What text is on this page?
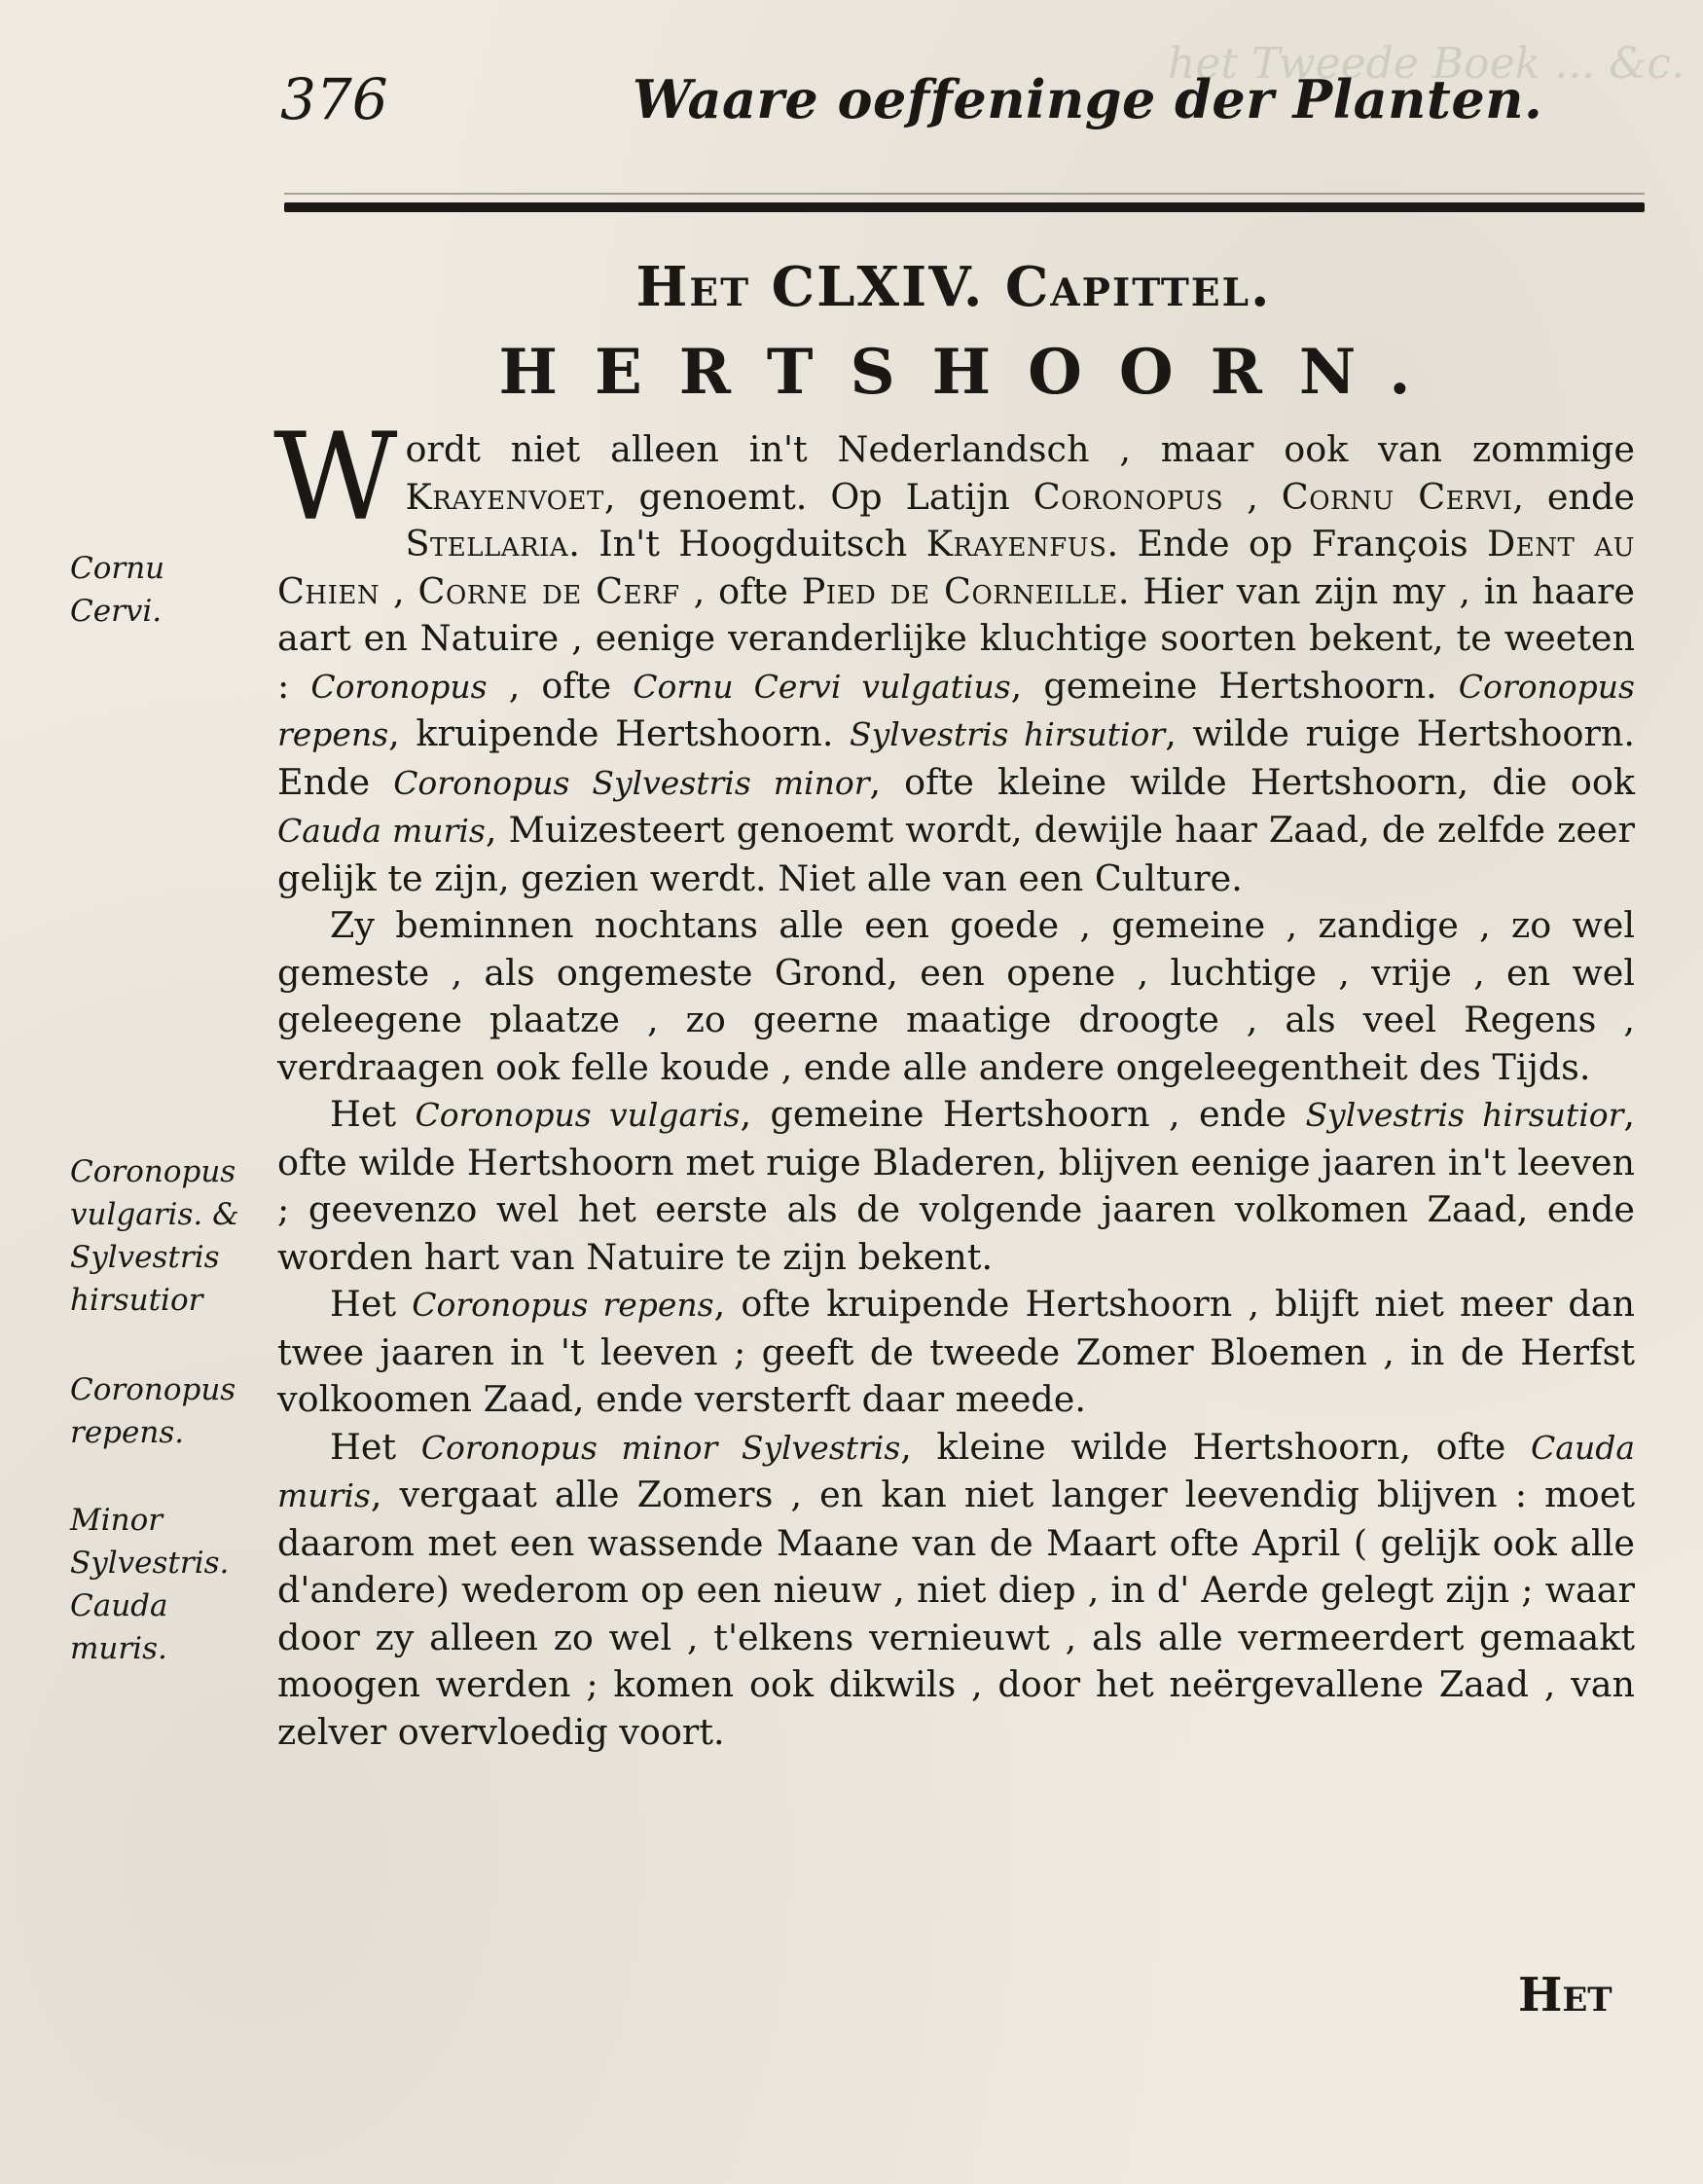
376	Waare oeffeninge der Planten.
het Tweede Boek ... &c.
Het CLXIV. Capittel.
HERTSHOORN.
Cornu Cervi.
Coronopus vulgaris. & Sylvestris hirsutior
Coronopus repens.
Minor Sylvestris. Cauda muris.

Wordt niet alleen in't Nederlandsch , maar ook van zommige Krayenvoet, genoemt. Op Latijn Coronopus , Cornu Cervi, ende Stellaria. In't Hoogduitsch Krayenfus. Ende op François Dent au Chien , Corne de Cerf , ofte Pied de Corneille. Hier van zijn my , in haare aart en Natuire , eenige veranderlijke kluchtige soorten bekent, te weeten : Coronopus , ofte Cornu Cervi vulgatius, gemeine Hertshoorn. Coronopus repens, kruipende Hertshoorn. Sylvestris hirsutior, wilde ruige Hertshoorn. Ende Coronopus Sylvestris minor, ofte kleine wilde Hertshoorn, die ook Cauda muris, Muizesteert genoemt wordt, dewijle haar Zaad, de zelfde zeer gelijk te zijn, gezien werdt. Niet alle van een Culture.

Zy beminnen nochtans alle een goede , gemeine , zandige , zo wel gemeste , als ongemeste Grond, een opene , luchtige , vrije , en wel geleegene plaatze , zo geerne maatige droogte , als veel Regens , verdraagen ook felle koude , ende alle andere ongeleegentheit des Tijds.

Het Coronopus vulgaris, gemeine Hertshoorn , ende Sylvestris hirsutior, ofte wilde Hertshoorn met ruige Bladeren, blijven eenige jaaren in't leeven ; geevenzo wel het eerste als de volgende jaaren volkomen Zaad, ende worden hart van Natuire te zijn bekent.

Het Coronopus repens, ofte kruipende Hertshoorn , blijft niet meer dan twee jaaren in 't leeven ; geeft de tweede Zomer Bloemen , in de Herfst volkoomen Zaad, ende versterft daar meede.

Het Coronopus minor Sylvestris, kleine wilde Hertshoorn, ofte Cauda muris, vergaat alle Zomers , en kan niet langer leevendig blijven : moet daarom met een wassende Maane van de Maart ofte April ( gelijk ook alle d'andere) wederom op een nieuw , niet diep , in d' Aerde gelegt zijn ; waar door zy alleen zo wel , t'elkens vernieuwt , als alle vermeerdert gemaakt moogen werden ; komen ook dikwils , door het neërgevallene Zaad , van zelver overvloedig voort.

Het
